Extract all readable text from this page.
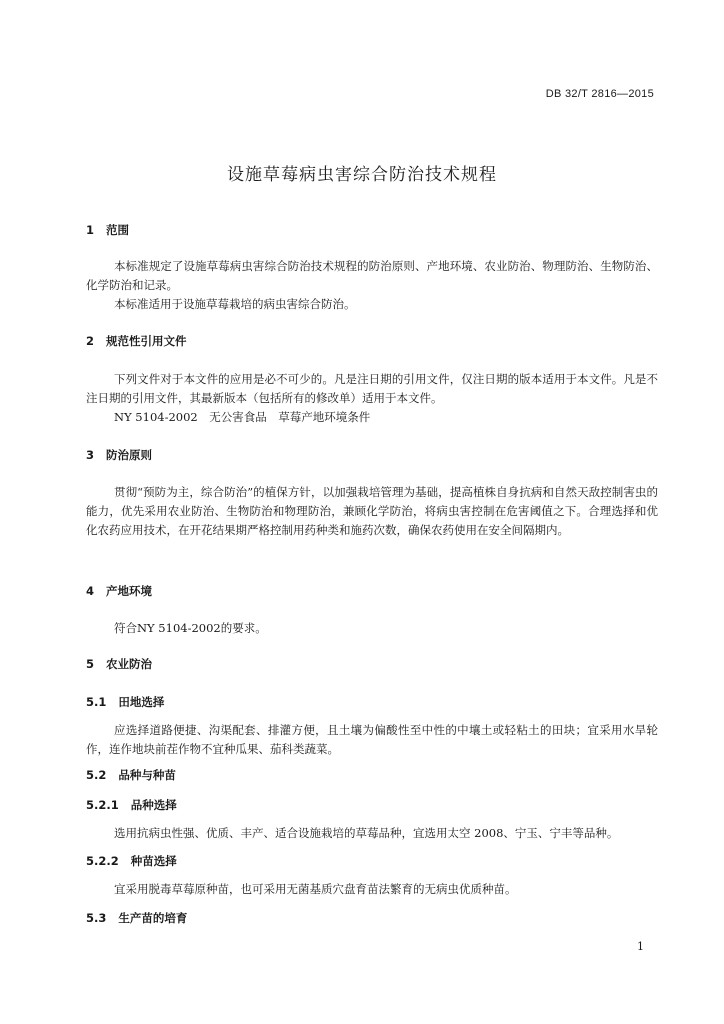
DB 32/T 2816—2015
设施草莓病虫害综合防治技术规程
1 范围

本标准规定了设施草莓病虫害综合防治技术规程的防治原则、产地环境、农业防治、物理防治、生物防治、化学防治和记录。

本标准适用于设施草莓栽培的病虫害综合防治。

2 规范性引用文件

下列文件对于本文件的应用是必不可少的。凡是注日期的引用文件，仅注日期的版本适用于本文件。凡是不注日期的引用文件，其最新版本（包括所有的修改单）适用于本文件。

NY 5104-2002　无公害食品　草莓产地环境条件

3 防治原则

贯彻“预防为主，综合防治”的植保方针，以加强栽培管理为基础，提高植株自身抗病和自然天敌控制害虫的能力，优先采用农业防治、生物防治和物理防治，兼顾化学防治，将病虫害控制在危害阈值之下。合理选择和优化农药应用技术，在开花结果期严格控制用药种类和施药次数，确保农药使用在安全间隔期内。

4 产地环境

符合NY 5104-2002的要求。

5 农业防治
5.1 田地选择

应选择道路便捷、沟渠配套、排灌方便，且土壤为偏酸性至中性的中壤土或轻粘土的田块；宜采用水旱轮作，连作地块前茬作物不宜种瓜果、茄科类蔬菜。

5.2 品种与种苗
5.2.1 品种选择

选用抗病虫性强、优质、丰产、适合设施栽培的草莓品种，宜选用太空 2008、宁玉、宁丰等品种。

5.2.2 种苗选择

宜采用脱毒草莓原种苗，也可采用无菌基质穴盘育苗法繁育的无病虫优质种苗。

5.3 生产苗的培育
1
